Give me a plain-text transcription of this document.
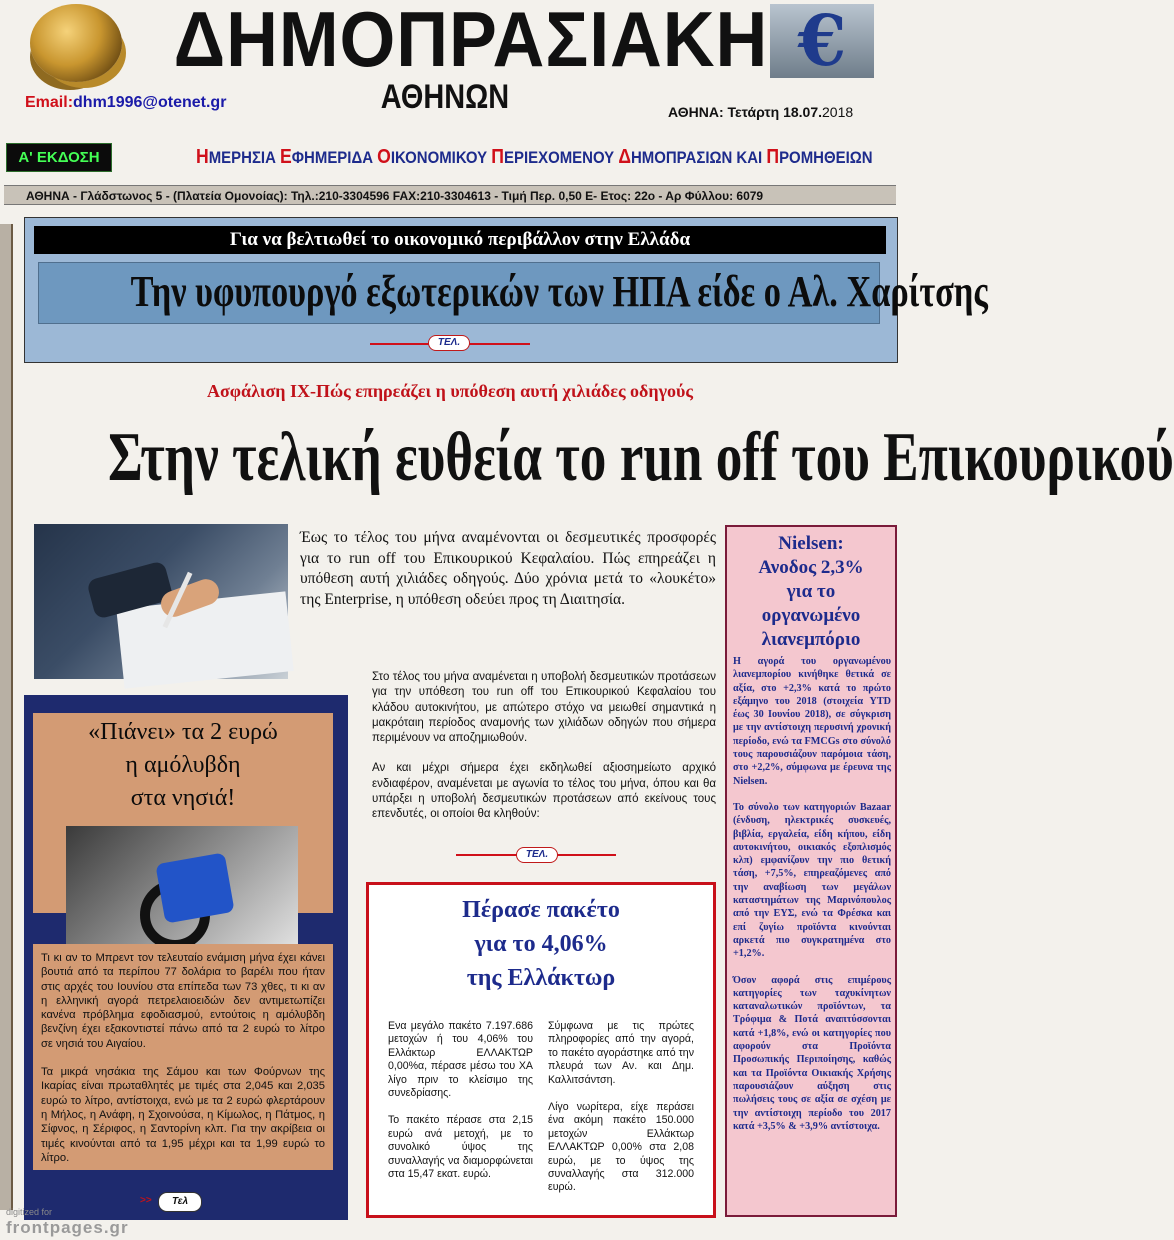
€
ΔΗΜΟΠΡΑΣΙΑΚΗ
ΑΘΗΝΩΝ
Email:dhm1996@otenet.gr
ΑΘΗΝΑ: Τετάρτη 18.07.2018
Α' ΕΚΔΟΣΗ	ΗΜΕΡΗΣΙΑ ΕΦΗΜΕΡΙΔΑ ΟΙΚΟΝΟΜΙΚΟΥ ΠΕΡΙΕΧΟΜΕΝΟΥ ΔΗΜΟΠΡΑΣΙΩΝ ΚΑΙ ΠΡΟΜΗΘΕΙΩΝ
ΑΘΗΝΑ - Γλάδστωνος 5 - (Πλατεία Ομονοίας): Τηλ.:210-3304596 FAX:210-3304613 - Τιμή Περ. 0,50 Ε- Ετος: 22ο - Αρ Φύλλου: 6079
Για να βελτιωθεί το οικονομικό περιβάλλον στην Ελλάδα
Την υφυπουργό εξωτερικών των ΗΠΑ είδε ο Αλ. Χαρίτσης
ΤΕΛ.
Ασφάλιση ΙΧ-Πώς επηρεάζει η υπόθεση αυτή χιλιάδες οδηγούς
Στην τελική ευθεία το run off του Επικουρικού
Έως το τέλος του μήνα αναμένονται οι δεσμευτικές προσφορές για το run off του Επικουρικού Κεφαλαίου. Πώς επηρεάζει η υπόθεση αυτή χιλιάδες οδηγούς. Δύο χρόνια μετά το «λουκέτο» της Enterprise, η υπόθεση οδεύει προς τη Διαιτησία.

Στο τέλος του μήνα αναμένεται η υποβολή δεσμευτικών προτάσεων για την υπόθεση του run off του Επικουρικού Κεφαλαίου του κλάδου αυτοκινήτου, με απώτερο στόχο να μειωθεί σημαντικά η μακρόταιη περίοδος αναμονής των χιλιάδων οδηγών που σήμερα περιμένουν να αποζημιωθούν.

Αν και μέχρι σήμερα έχει εκδηλωθεί αξιοσημείωτο αρχικό ενδιαφέρον, αναμένεται με αγωνία το τέλος του μήνα, όπου και θα υπάρξει η υποβολή δεσμευτικών προτάσεων από εκείνους τους επενδυτές, οι οποίοι θα κληθούν:

ΤΕΛ.
«Πιάνει» τα 2 ευρώ
η αμόλυβδη
στα νησιά!

Τι κι αν το Μπρεντ τον τελευταίο ενάμιση μήνα έχει κάνει βουτιά από τα περίπου 77 δολάρια το βαρέλι που ήταν στις αρχές του Ιουνίου στα επίπεδα των 73 χθες, τι κι αν η ελληνική αγορά πετρελαιοειδών δεν αντιμετωπίζει κανένα πρόβλημα εφοδιασμού, εντούτοις η αμόλυβδη βενζίνη έχει εξακοντιστεί πάνω από τα 2 ευρώ το λίτρο σε νησιά του Αιγαίου.

Τα μικρά νησάκια της Σάμου και των Φούρνων της Ικαρίας είναι πρωταθλητές με τιμές στα 2,045 και 2,035 ευρώ το λίτρο, αντίστοιχα, ενώ με τα 2 ευρώ φλερτάρουν η Μήλος, η Ανάφη, η Σχοινούσα, η Κίμωλος, η Πάτμος, η Σίφνος, η Σέριφος, η Σαντορίνη κλπ. Για την ακρίβεια οι τιμές κινούνται από τα 1,95 μέχρι και τα 1,99 ευρώ το λίτρο.

>>	Τελ
Πέρασε πακέτο
για το 4,06%
της Ελλάκτωρ

Ενα μεγάλο πακέτο 7.197.686 μετοχών ή του 4,06% του Ελλάκτωρ ΕΛΛΑΚΤΩΡ 0,00%α, πέρασε μέσω του ΧΑ λίγο πριν το κλείσιμο της συνεδρίασης.

Το πακέτο πέρασε στα 2,15 ευρώ ανά μετοχή, με το συνολικό ύψος της συναλλαγής να διαμορφώνεται στα 15,47 εκατ. ευρώ.

Σύμφωνα με τις πρώτες πληροφορίες από την αγορά, το πακέτο αγοράστηκε από την πλευρά των Αν. και Δημ. Καλλιτσάντση.

Λίγο νωρίτερα, είχε περάσει ένα ακόμη πακέτο 150.000 μετοχών Ελλάκτωρ ΕΛΛΑΚΤΩΡ 0,00% στα 2,08 ευρώ, με το ύψος της συναλλαγής στα 312.000 ευρώ.

Nielsen:
Ανοδος 2,3%
για το
οργανωμένο
λιανεμπόριο

Η αγορά του οργανωμένου λιανεμπορίου κινήθηκε θετικά σε αξία, στο +2,3% κατά το πρώτο εξάμηνο του 2018 (στοιχεία YTD έως 30 Ιουνίου 2018), σε σύγκριση με την αντίστοιχη περυσινή χρονική περίοδο, ενώ τα FMCGs στο σύνολό τους παρουσιάζουν παρόμοια τάση, στο +2,2%, σύμφωνα με έρευνα της Nielsen.

Το σύνολο των κατηγοριών Bazaar (ένδυση, ηλεκτρικές συσκευές, βιβλία, εργαλεία, είδη κήπου, είδη αυτοκινήτου, οικιακός εξοπλισμός κλπ) εμφανίζουν την πιο θετική τάση, +7,5%, επηρεαζόμενες από την αναβίωση των μεγάλων καταστημάτων της Μαρινόπουλος από την ΕΥΣ, ενώ τα Φρέσκα και επί ζυγίω προϊόντα κινούνται αρκετά πιο συγκρατημένα στο +1,2%.

Όσον αφορά στις επιμέρους κατηγορίες των ταχυκίνητων καταναλωτικών προϊόντων, τα Τρόφιμα & Ποτά αναπτύσσονται κατά +1,8%, ενώ οι κατηγορίες που αφορούν στα Προϊόντα Προσωπικής Περιποίησης, καθώς και τα Προϊόντα Οικιακής Χρήσης παρουσιάζουν αύξηση στις πωλήσεις τους σε αξία σε σχέση με την αντίστοιχη περίοδο του 2017 κατά +3,5% & +3,9% αντίστοιχα.

digitized for
frontpages.gr
